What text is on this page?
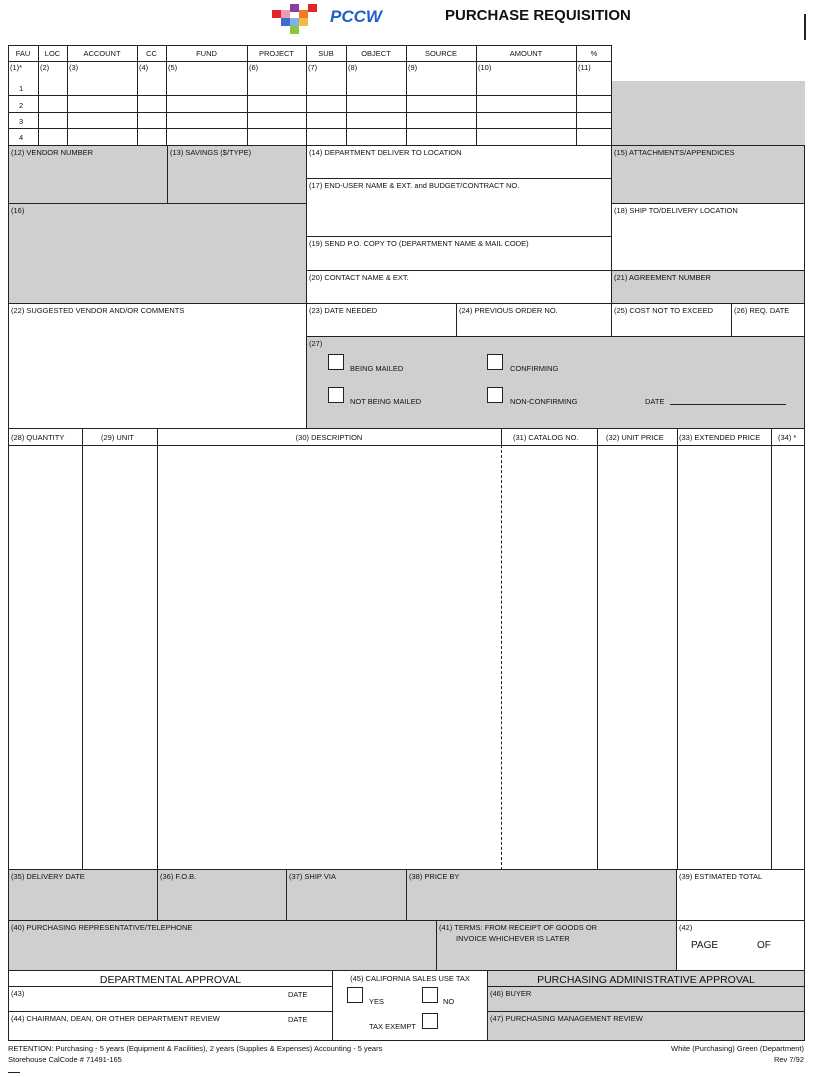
PCCW	PURCHASE REQUISITION
FAU	LOC	ACCOUNT	CC	FUND	PROJECT	SUB	OBJECT	SOURCE	AMOUNT	%
(1)* (2)	(3)	(4)	(5)	(6)	(7)	(8)	(9)	(10)	(11)
1
2
3
4
(12) VENDOR NUMBER	(13) SAVINGS ($/TYPE)	(14) DEPARTMENT DELIVER TO LOCATION	(15) ATTACHMENTS/APPENDICES
(17) END-USER NAME & EXT. and BUDGET/CONTRACT NO.
(16)	(18) SHIP TO/DELIVERY LOCATION
(19) SEND P.O. COPY TO (DEPARTMENT NAME & MAIL CODE)
(20) CONTACT NAME & EXT.	(21) AGREEMENT NUMBER
(22) SUGGESTED VENDOR AND/OR COMMENTS	(23) DATE NEEDED	(24) PREVIOUS ORDER NO.	(25) COST NOT TO EXCEED	(26) REQ. DATE
(27)
BEING MAILED
NOT BEING MAILED
CONFIRMING
NON-CONFIRMING	DATE
(28) QUANTITY	(29) UNIT	(30) DESCRIPTION	(31) CATALOG NO.	(32) UNIT PRICE (33) EXTENDED PRICE (34) *
(35) DELIVERY DATE	(36) F.O.B.	(37) SHIP VIA	(38) PRICE BY	(39) ESTIMATED TOTAL
(40) PURCHASING REPRESENTATIVE/TELEPHONE	(41) TERMS: FROM RECEIPT OF GOODS OR
INVOICE WHICHEVER IS LATER
(42)
PAGE	OF
DEPARTMENTAL APPROVAL
(43)	DATE
(44) CHAIRMAN, DEAN, OR OTHER DEPARTMENT REVIEW	DATE
(45) CALIFORNIA SALES USE TAX
YES	NO
TAX EXEMPT
PURCHASING ADMINISTRATIVE APPROVAL
(46) BUYER
(47) PURCHASING MANAGEMENT REVIEW
RETENTION: Purchasing - 5 years (Equipment & Facilities), 2 years (Supplies & Expenses) Accounting - 5 years
Storehouse CalCode # 71491-165
White (Purchasing) Green (Department)
Rev 7/92
